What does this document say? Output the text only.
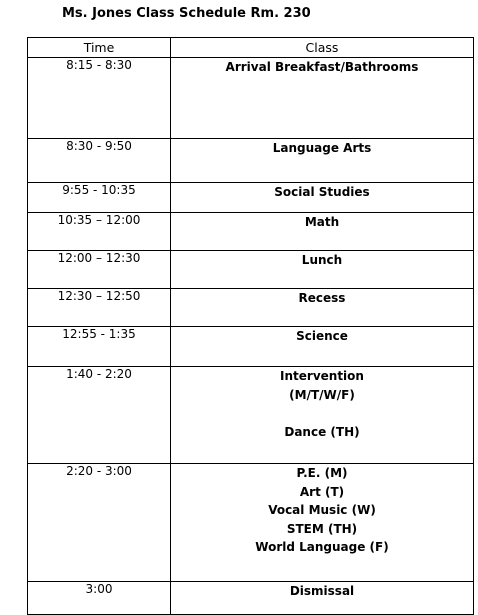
Ms. Jones Class Schedule Rm. 230
Time	Class
8:15 - 8:30	Arrival Breakfast/Bathrooms

8:30 - 9:50	Language Arts

9:55 - 10:35	Social Studies

10:35 – 12:00	Math

12:00 – 12:30	Lunch

12:30 – 12:50	Recess

12:55 - 1:35	Science

1:40 - 2:20	Intervention
(M/T/W/F)
Dance (TH)

2:20 - 3:00	P.E. (M)
Art (T)
Vocal Music (W)
STEM (TH)
World Language (F)

3:00	Dismissal
